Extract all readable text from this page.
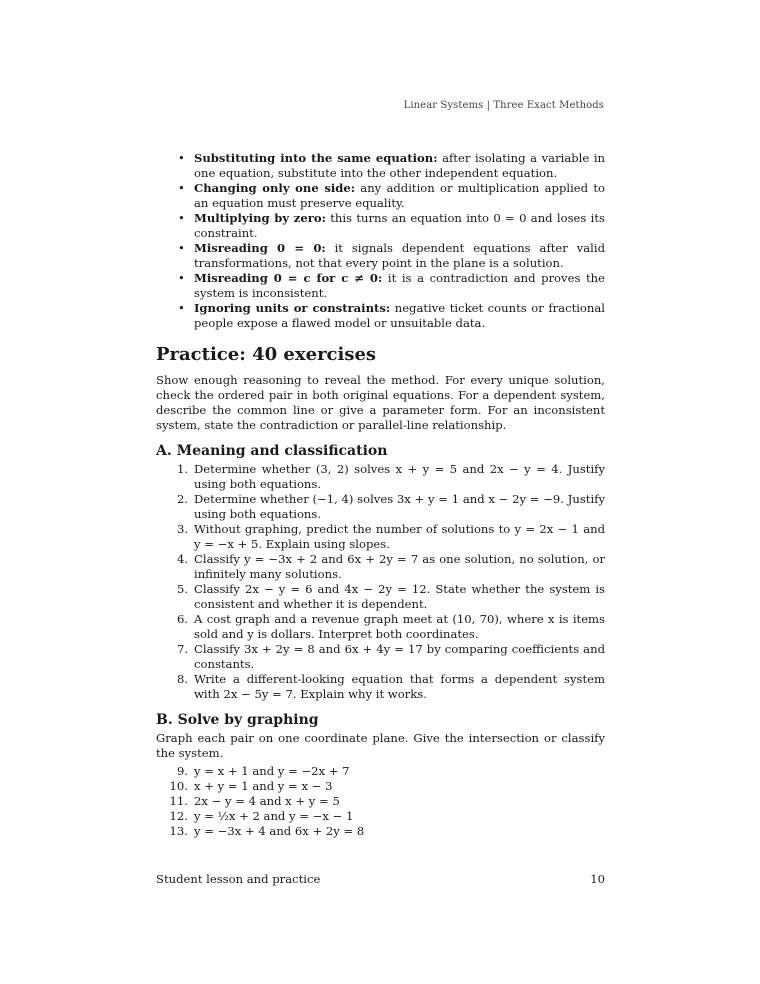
Linear Systems | Three Exact Methods
• Substituting into the same equation: after isolating a variable in one equation, substitute into the other independent equation.
• Changing only one side: any addition or multiplication applied to an equation must preserve equality.
• Multiplying by zero: this turns an equation into 0 = 0 and loses its constraint.
• Misreading 0 = 0: it signals dependent equations after valid transformations, not that every point in the plane is a solution.
• Misreading 0 = c for c ≠ 0: it is a contradiction and proves the system is inconsistent.
• Ignoring units or constraints: negative ticket counts or fractional people expose a flawed model or unsuitable data.
Practice: 40 exercises

Show enough reasoning to reveal the method. For every unique solution, check the ordered pair in both original equations. For a dependent system, describe the common line or give a parameter form. For an inconsistent system, state the contradiction or parallel-line relationship.

A. Meaning and classification
1. Determine whether (3, 2) solves x + y = 5 and 2x − y = 4. Justify using both equations.
2. Determine whether (−1, 4) solves 3x + y = 1 and x − 2y = −9. Justify using both equations.
3. Without graphing, predict the number of solutions to y = 2x − 1 and y = −x + 5. Explain using slopes.
4. Classify y = −3x + 2 and 6x + 2y = 7 as one solution, no solution, or infinitely many solutions.
5. Classify 2x − y = 6 and 4x − 2y = 12. State whether the system is consistent and whether it is dependent.
6. A cost graph and a revenue graph meet at (10, 70), where x is items sold and y is dollars. Interpret both coordinates.
7. Classify 3x + 2y = 8 and 6x + 4y = 17 by comparing coefficients and constants.
8. Write a different-looking equation that forms a dependent system with 2x − 5y = 7. Explain why it works.
B. Solve by graphing

Graph each pair on one coordinate plane. Give the intersection or classify the system.

9. y = x + 1 and y = −2x + 7
10. x + y = 1 and y = x − 3
11. 2x − y = 4 and x + y = 5
12. y = ½x + 2 and y = −x − 1
13. y = −3x + 4 and 6x + 2y = 8
Student lesson and practice	10
